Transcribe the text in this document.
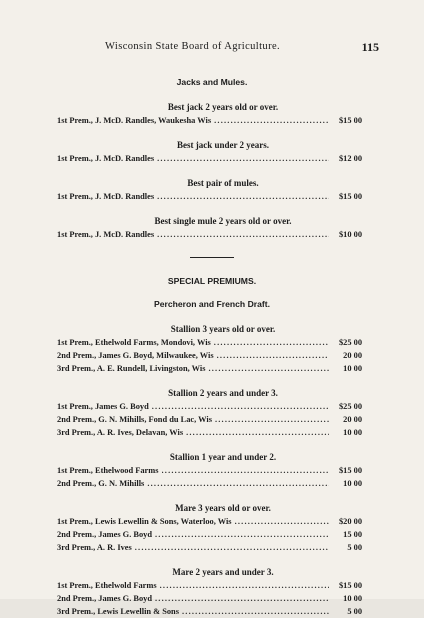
Wisconsin State Board of Agriculture.	115
Jacks and Mules.
Best jack 2 years old or over.
1st Prem., J. McD. Randles, Waukesha Wis .....	$15 00
Best jack under 2 years.
1st Prem., J. McD. Randles .....	$12 00
Best pair of mules.
1st Prem., J. McD. Randles .....	$15 00
Best single mule 2 years old or over.
1st Prem., J. McD. Randles .....	$10 00
SPECIAL PREMIUMS.
Percheron and French Draft.
Stallion 3 years old or over.
1st Prem., Ethelwold Farms, Mondovi, Wis .....	$25 00
2nd Prem., James G. Boyd, Milwaukee, Wis .....	20 00
3rd Prem., A. E. Rundell, Livingston, Wis .....	10 00
Stallion 2 years and under 3.
1st Prem., James G. Boyd .....	$25 00
2nd Prem., G. N. Mihills, Fond du Lac, Wis .....	20 00
3rd Prem., A. R. Ives, Delavan, Wis .....	10 00
Stallion 1 year and under 2.
1st Prem., Ethelwood Farms .....	$15 00
2nd Prem., G. N. Mihills .....	10 00
Mare 3 years old or over.
1st Prem., Lewis Lewellin & Sons, Waterloo, Wis .....	$20 00
2nd Prem., James G. Boyd .....	15 00
3rd Prem., A. R. Ives .....	5 00
Mare 2 years and under 3.
1st Prem., Ethelwold Farms .....	$15 00
2nd Prem., James G. Boyd .....	10 00
3rd Prem., Lewis Lewellin & Sons .....	5 00
